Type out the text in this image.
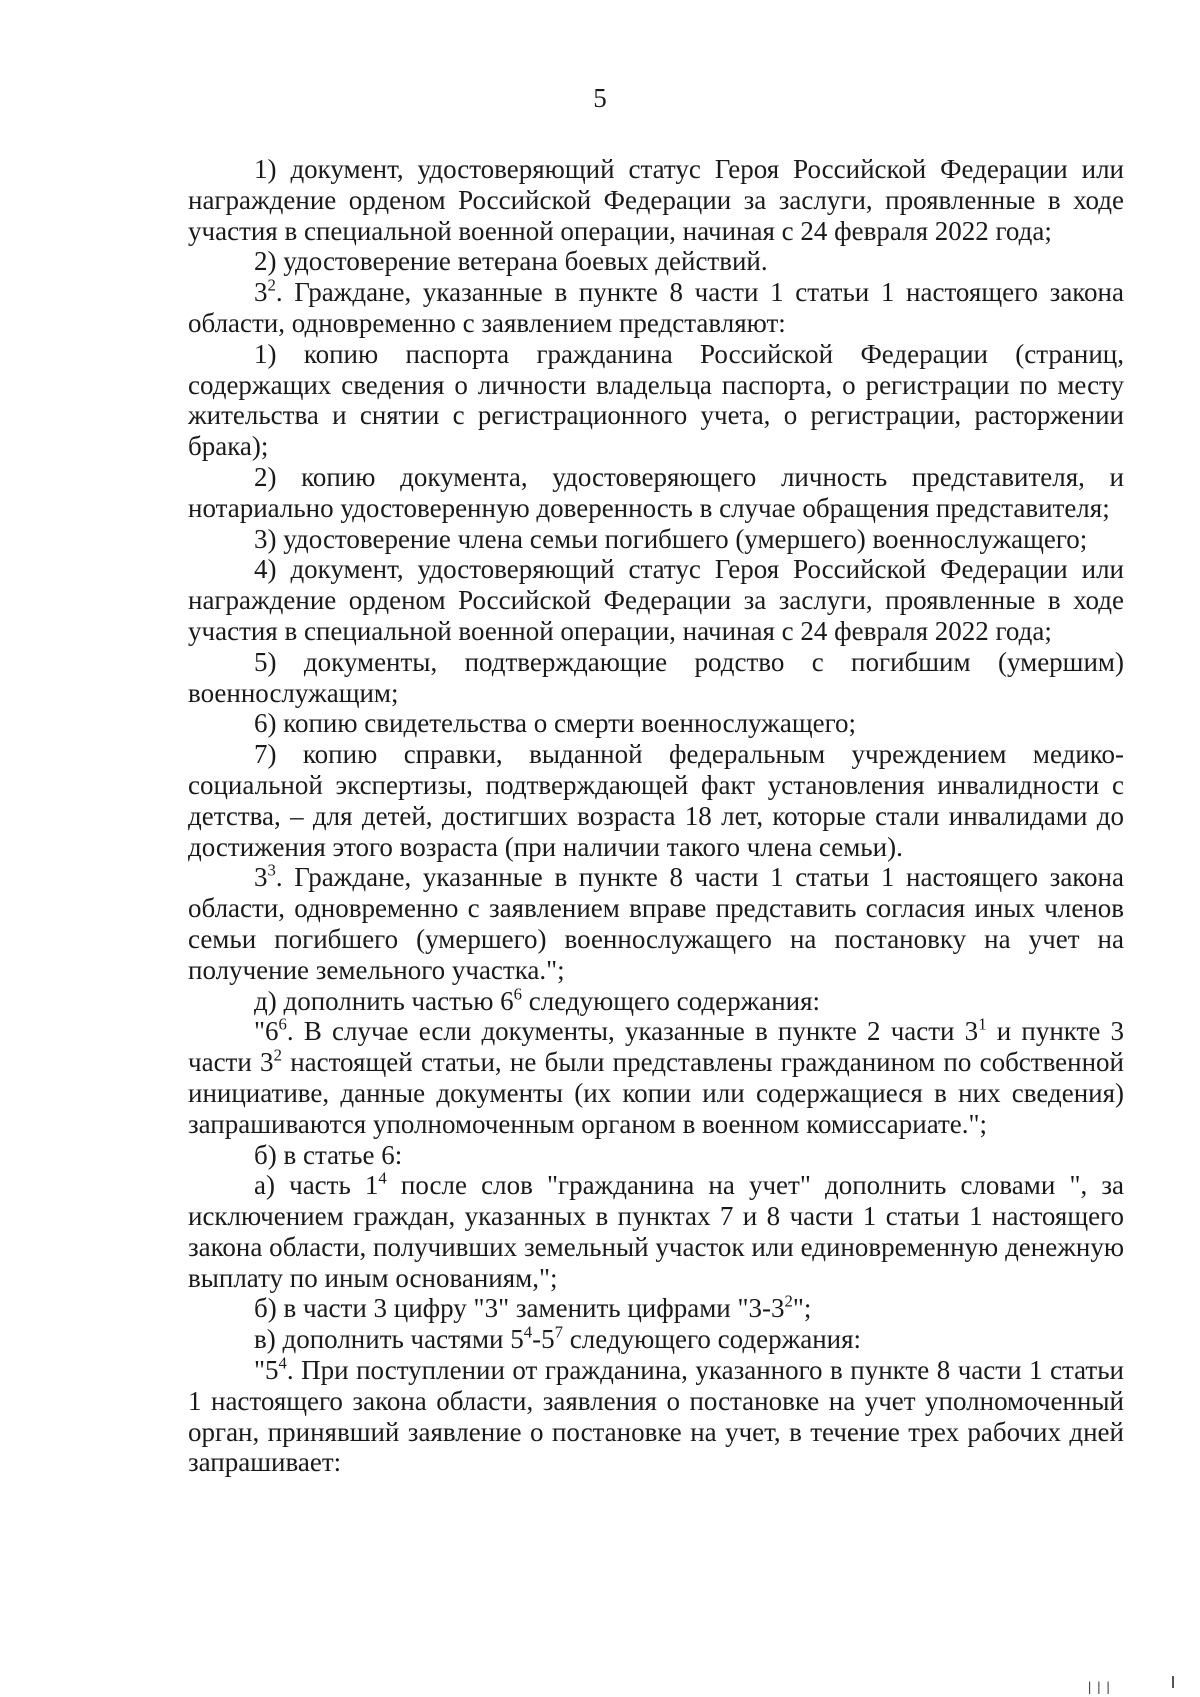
5

1) документ, удостоверяющий статус Героя Российской Федерации или награждение орденом Российской Федерации за заслуги, проявленные в ходе участия в специальной военной операции, начиная с 24 февраля 2022 года;

2) удостоверение ветерана боевых действий.

$3^2$. Граждане, указанные в пункте 8 части 1 статьи 1 настоящего закона области, одновременно с заявлением представляют:

1) копию паспорта гражданина Российской Федерации (страниц, содержащих сведения о личности владельца паспорта, о регистрации по месту жительства и снятии с регистрационного учета, о регистрации, расторжении брака);

2) копию документа, удостоверяющего личность представителя, и нотариально удостоверенную доверенность в случае обращения представителя;

3) удостоверение члена семьи погибшего (умершего) военнослужащего;

4) документ, удостоверяющий статус Героя Российской Федерации или награждение орденом Российской Федерации за заслуги, проявленные в ходе участия в специальной военной операции, начиная с 24 февраля 2022 года;

5) документы, подтверждающие родство с погибшим (умершим) военнослужащим;

6) копию свидетельства о смерти военнослужащего;

7) копию справки, выданной федеральным учреждением медико-социальной экспертизы, подтверждающей факт установления инвалидности с детства, – для детей, достигших возраста 18 лет, которые стали инвалидами до достижения этого возраста (при наличии такого члена семьи).

$3^3$. Граждане, указанные в пункте 8 части 1 статьи 1 настоящего закона области, одновременно с заявлением вправе представить согласия иных членов семьи погибшего (умершего) военнослужащего на постановку на учет на получение земельного участка.";

д) дополнить частью $6^6$ следующего содержания:

"$6^6$. В случае если документы, указанные в пункте 2 части $3^1$ и пункте 3 части $3^2$ настоящей статьи, не были представлены гражданином по собственной инициативе, данные документы (их копии или содержащиеся в них сведения) запрашиваются уполномоченным органом в военном комиссариате.";

б) в статье 6:

а) часть $1^4$ после слов "гражданина на учет" дополнить словами ", за исключением граждан, указанных в пунктах 7 и 8 части 1 статьи 1 настоящего закона области, получивших земельный участок или единовременную денежную выплату по иным основаниям,";

б) в части 3 цифру "3" заменить цифрами "$3-3^2$";

в) дополнить частями $5^4-5^7$ следующего содержания:

"$5^4$. При поступлении от гражданина, указанного в пункте 8 части 1 статьи 1 настоящего закона области, заявления о постановке на учет уполномоченный орган, принявший заявление о постановке на учет, в течение трех рабочих дней запрашивает:

|||
